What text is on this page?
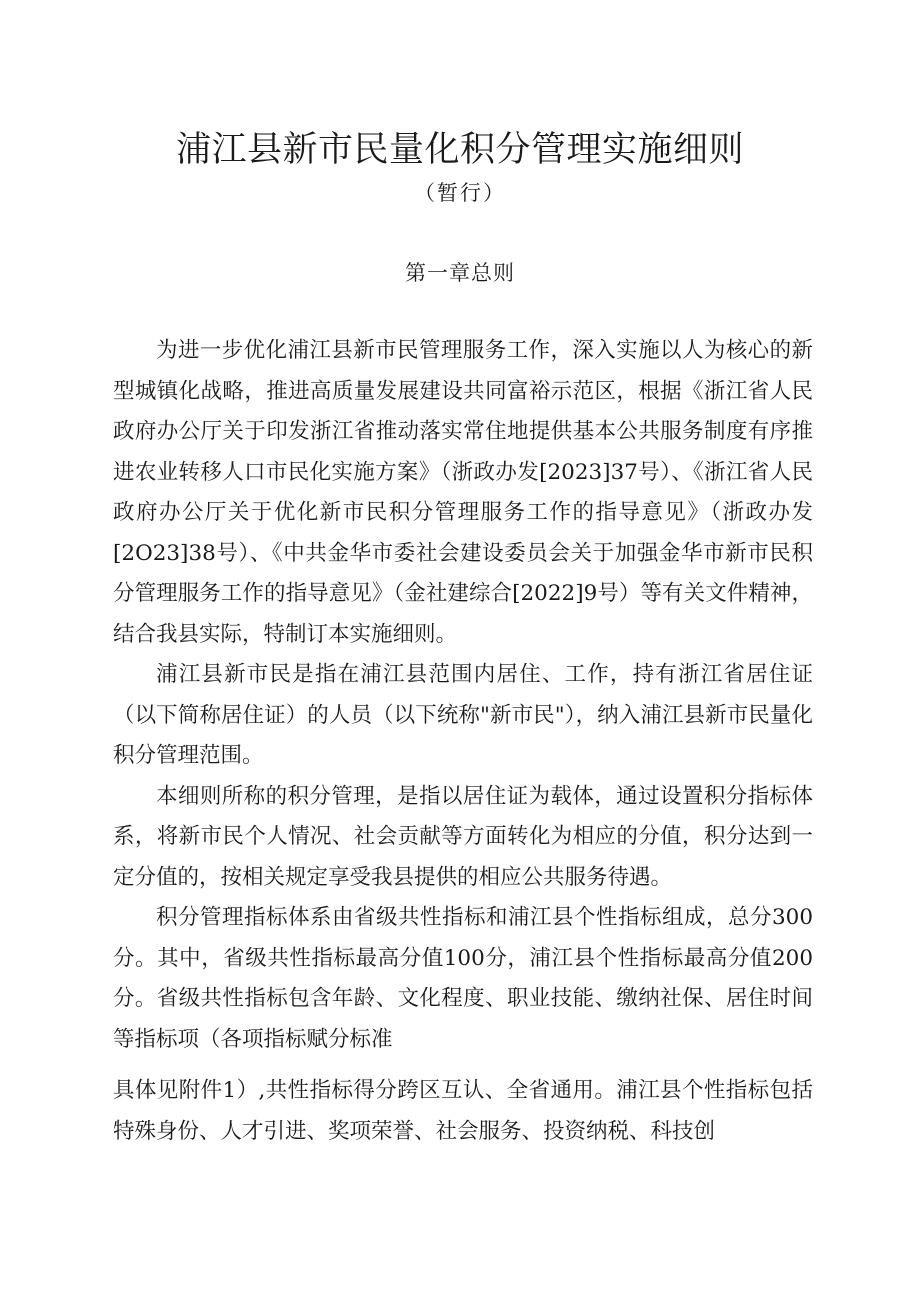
浦江县新市民量化积分管理实施细则
（暂行）
第一章总则

为进一步优化浦江县新市民管理服务工作，深入实施以人为核心的新型城镇化战略，推进高质量发展建设共同富裕示范区，根据《浙江省人民政府办公厅关于印发浙江省推动落实常住地提供基本公共服务制度有序推进农业转移人口市民化实施方案》（浙政办发[2023]37号）、《浙江省人民政府办公厅关于优化新市民积分管理服务工作的指导意见》（浙政办发[2O23]38号）、《中共金华市委社会建设委员会关于加强金华市新市民积分管理服务工作的指导意见》（金社建综合[2022]9号）等有关文件精神，结合我县实际，特制订本实施细则。

浦江县新市民是指在浦江县范围内居住、工作，持有浙江省居住证（以下简称居住证）的人员（以下统称"新市民"），纳入浦江县新市民量化积分管理范围。

本细则所称的积分管理，是指以居住证为载体，通过设置积分指标体系，将新市民个人情况、社会贡献等方面转化为相应的分值，积分达到一定分值的，按相关规定享受我县提供的相应公共服务待遇。

积分管理指标体系由省级共性指标和浦江县个性指标组成，总分300分。其中，省级共性指标最高分值100分，浦江县个性指标最高分值200分。省级共性指标包含年龄、文化程度、职业技能、缴纳社保、居住时间等指标项（各项指标赋分标准

具体见附件1）,共性指标得分跨区互认、全省通用。浦江县个性指标包括特殊身份、人才引进、奖项荣誉、社会服务、投资纳税、科技创
